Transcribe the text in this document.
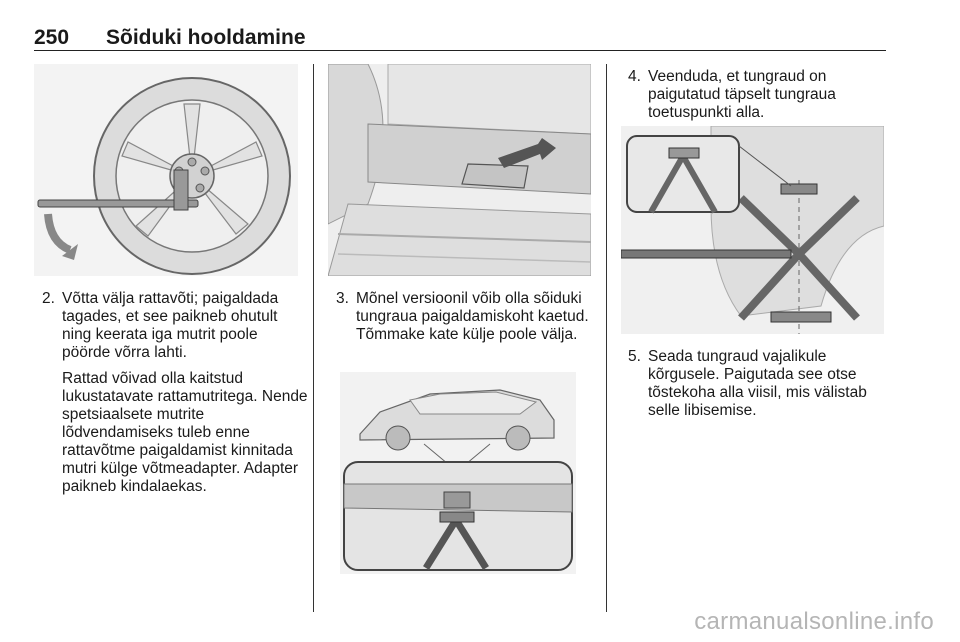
250 Sõiduki hooldamine
2. Võtta välja rattavõti; paigaldada tagades, et see paikneb ohutult ning keerata iga mutrit poole pöörde võrra lahti.
Rattad võivad olla kaitstud lukustatavate rattamutritega. Nende spetsiaalsete mutrite lõdvendamiseks tuleb enne rattavõtme paigaldamist kinnitada mutri külge võtmeadapter. Adapter paikneb kindalaekas.
3. Mõnel versioonil võib olla sõiduki tungraua paigaldamiskoht kaetud. Tõmmake kate külje poole välja.
4. Veenduda, et tungraud on paigutatud täpselt tungraua toetuspunkti alla.
5. Seada tungraud vajalikule kõrgusele. Paigutada see otse tõstekoha alla viisil, mis välistab selle libisemise.
carmanualsonline.info
